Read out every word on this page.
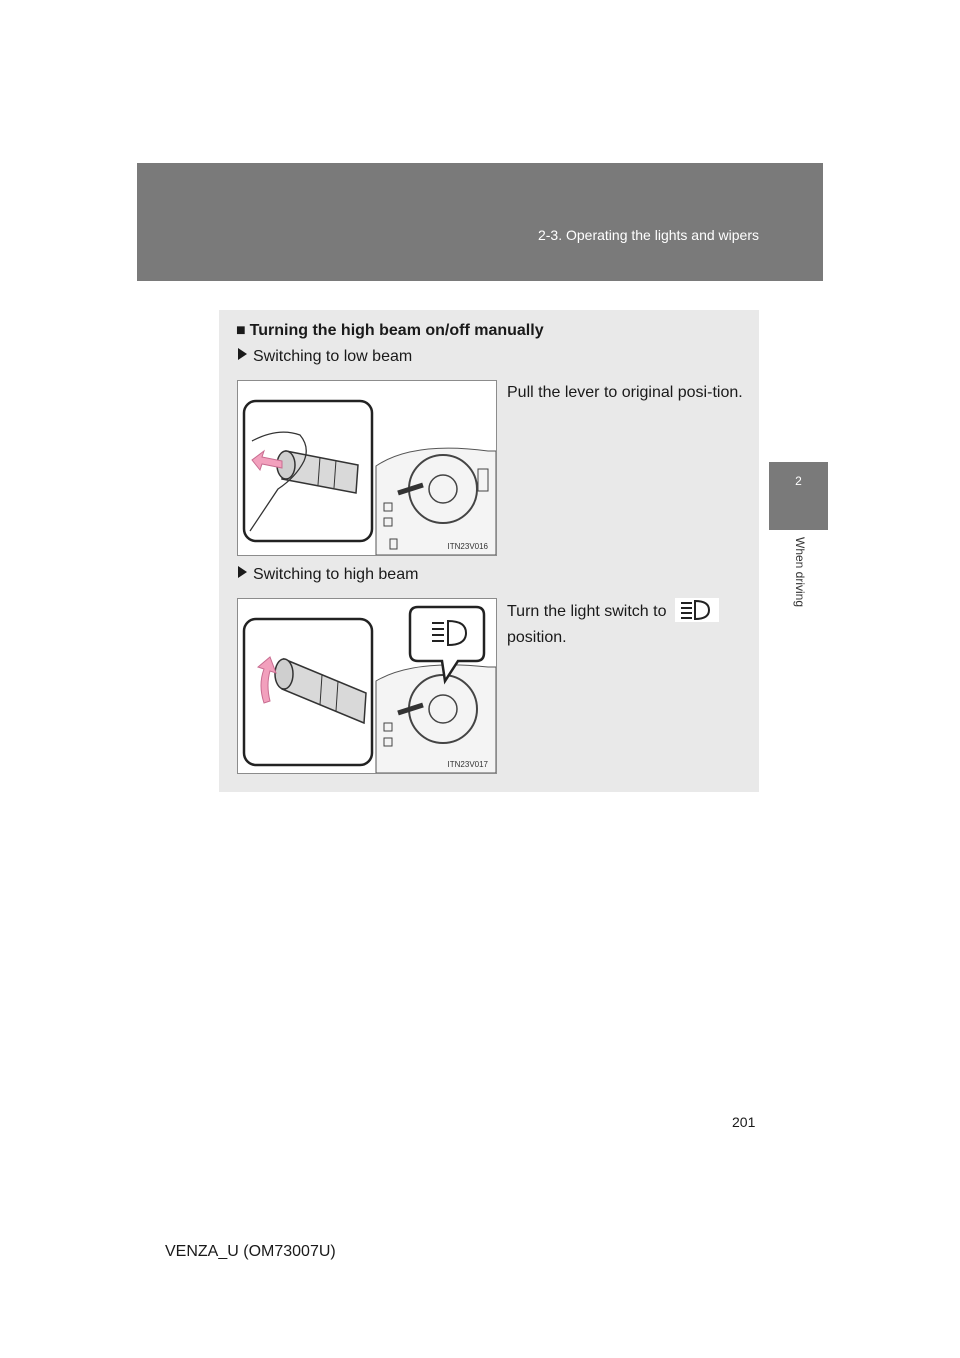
2-3. Operating the lights and wipers
2
When driving
■ Turning the high beam on/off manually
Switching to low beam
ITN23V016
Pull the lever to original posi-tion.
Switching to high beam
ITN23V017
Turn the light switch to
position.
201
VENZA_U (OM73007U)
